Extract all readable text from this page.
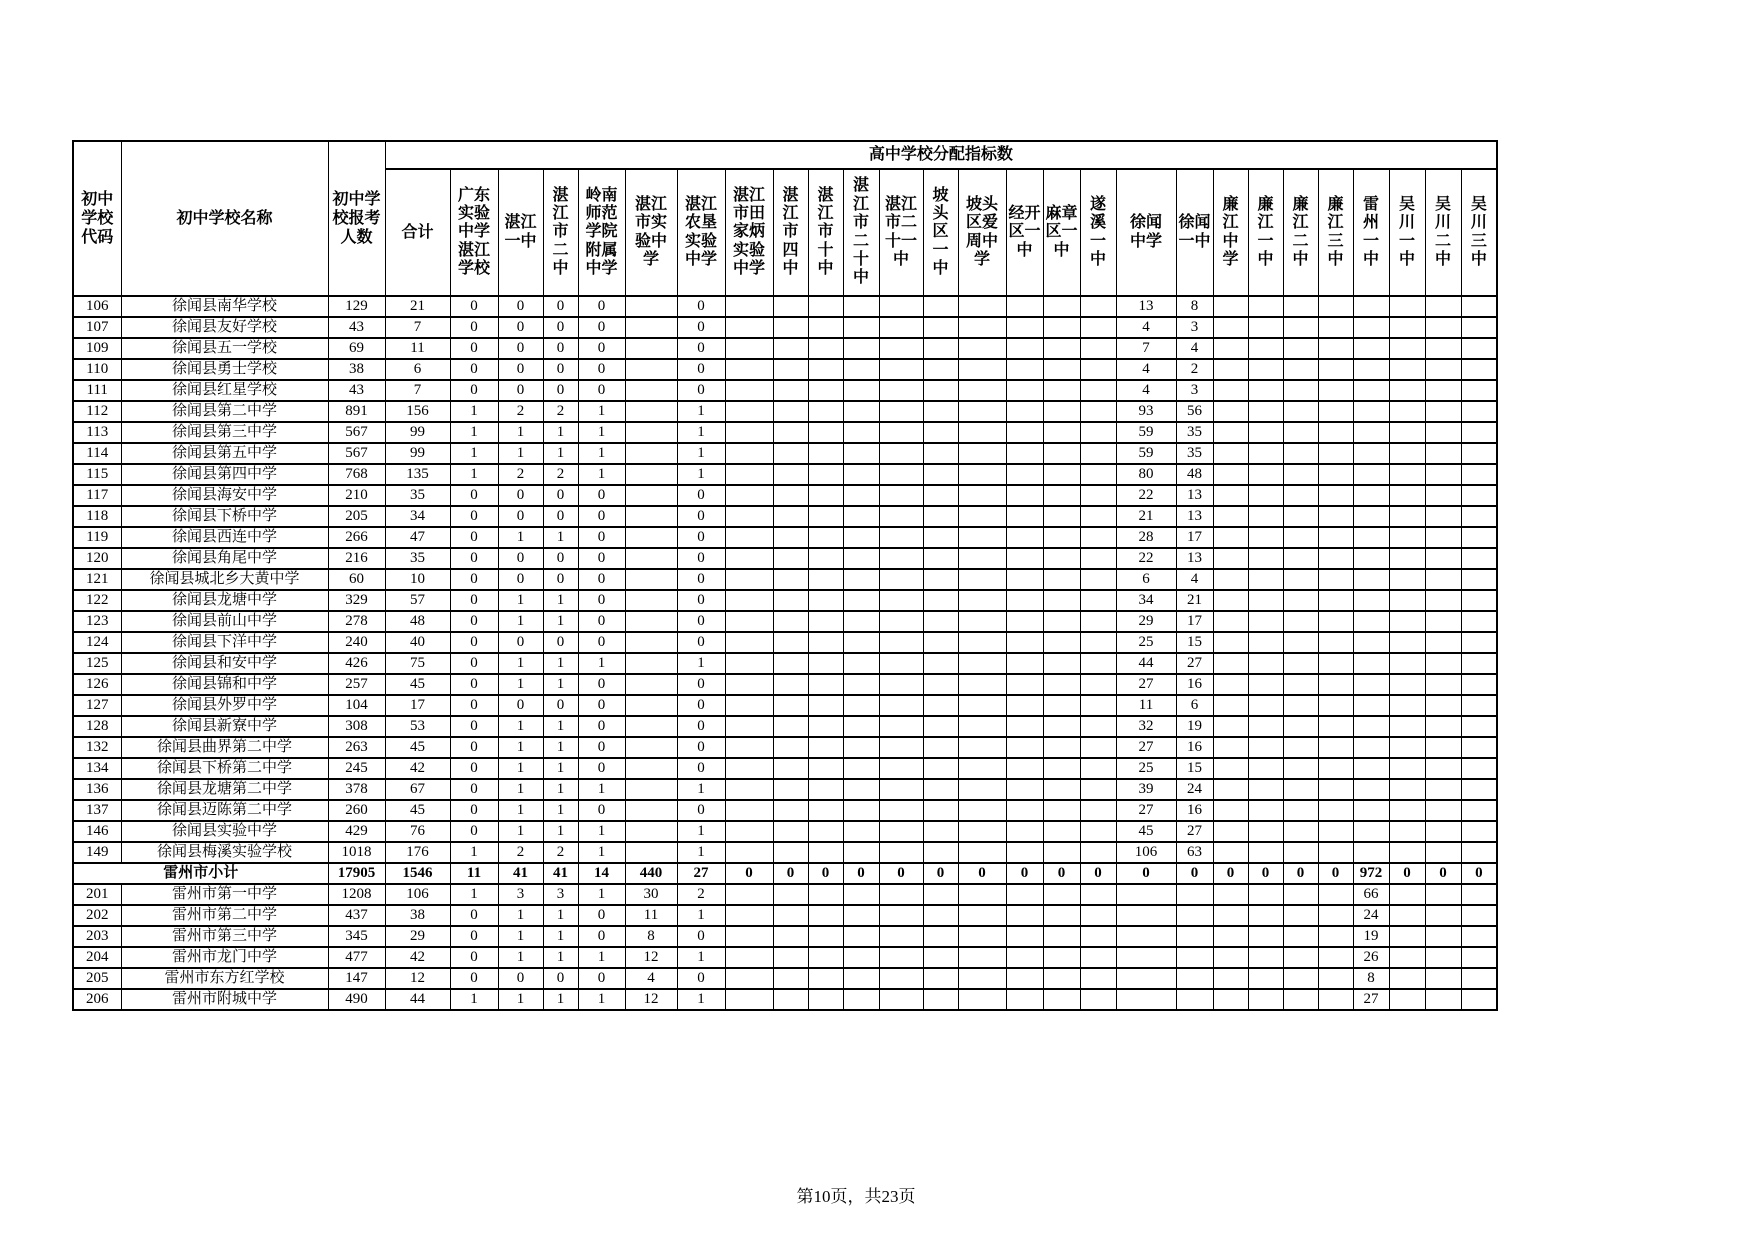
初中学校代码	初中学校名称	初中学校报考人数	高中学校分配指标数																										
			合计	广东实验中学湛江学校	湛江一中	湛江市二中	岭南师范学院附属中学	湛江市实验中学	湛江农垦实验中学	湛江市田家炳实验中学	湛江市四中	湛江市十中	湛江市二十中	湛江市二十一中	坡头区一中	坡头区爱周中学	经开区一中	麻章区一中	遂溪一中	徐闻中学	徐闻一中	廉江中学	廉江一中	廉江二中	廉江三中	雷州一中	吴川一中	吴川二中	吴川三中
106	徐闻县南华学校	129	21	0	0	0	0		0											13	8								
107	徐闻县友好学校	43	7	0	0	0	0		0											4	3								
109	徐闻县五一学校	69	11	0	0	0	0		0											7	4								
110	徐闻县勇士学校	38	6	0	0	0	0		0											4	2								
111	徐闻县红星学校	43	7	0	0	0	0		0											4	3								
112	徐闻县第二中学	891	156	1	2	2	1		1											93	56								
113	徐闻县第三中学	567	99	1	1	1	1		1											59	35								
114	徐闻县第五中学	567	99	1	1	1	1		1											59	35								
115	徐闻县第四中学	768	135	1	2	2	1		1											80	48								
117	徐闻县海安中学	210	35	0	0	0	0		0											22	13								
118	徐闻县下桥中学	205	34	0	0	0	0		0											21	13								
119	徐闻县西连中学	266	47	0	1	1	0		0											28	17								
120	徐闻县角尾中学	216	35	0	0	0	0		0											22	13								
121	徐闻县城北乡大黄中学	60	10	0	0	0	0		0											6	4								
122	徐闻县龙塘中学	329	57	0	1	1	0		0											34	21								
123	徐闻县前山中学	278	48	0	1	1	0		0											29	17								
124	徐闻县下洋中学	240	40	0	0	0	0		0											25	15								
125	徐闻县和安中学	426	75	0	1	1	1		1											44	27								
126	徐闻县锦和中学	257	45	0	1	1	0		0											27	16								
127	徐闻县外罗中学	104	17	0	0	0	0		0											11	6								
128	徐闻县新寮中学	308	53	0	1	1	0		0											32	19								
132	徐闻县曲界第二中学	263	45	0	1	1	0		0											27	16								
134	徐闻县下桥第二中学	245	42	0	1	1	0		0											25	15								
136	徐闻县龙塘第二中学	378	67	0	1	1	1		1											39	24								
137	徐闻县迈陈第二中学	260	45	0	1	1	0		0											27	16								
146	徐闻县实验中学	429	76	0	1	1	1		1											45	27								
149	徐闻县梅溪实验学校	1018	176	1	2	2	1		1											106	63								
雷州市小计		17905	1546	11	41	41	14	440	27	0	0	0	0	0	0	0	0	0	0	0	0	0	0	0	0	972	0	0	0
201	雷州市第一中学	1208	106	1	3	3	1	30	2																	66			
202	雷州市第二中学	437	38	0	1	1	0	11	1																	24			
203	雷州市第三中学	345	29	0	1	1	0	8	0																	19			
204	雷州市龙门中学	477	42	0	1	1	1	12	1																	26			
205	雷州市东方红学校	147	12	0	0	0	0	4	0																	8			
206	雷州市附城中学	490	44	1	1	1	1	12	1																	27			
第10页，共23页
